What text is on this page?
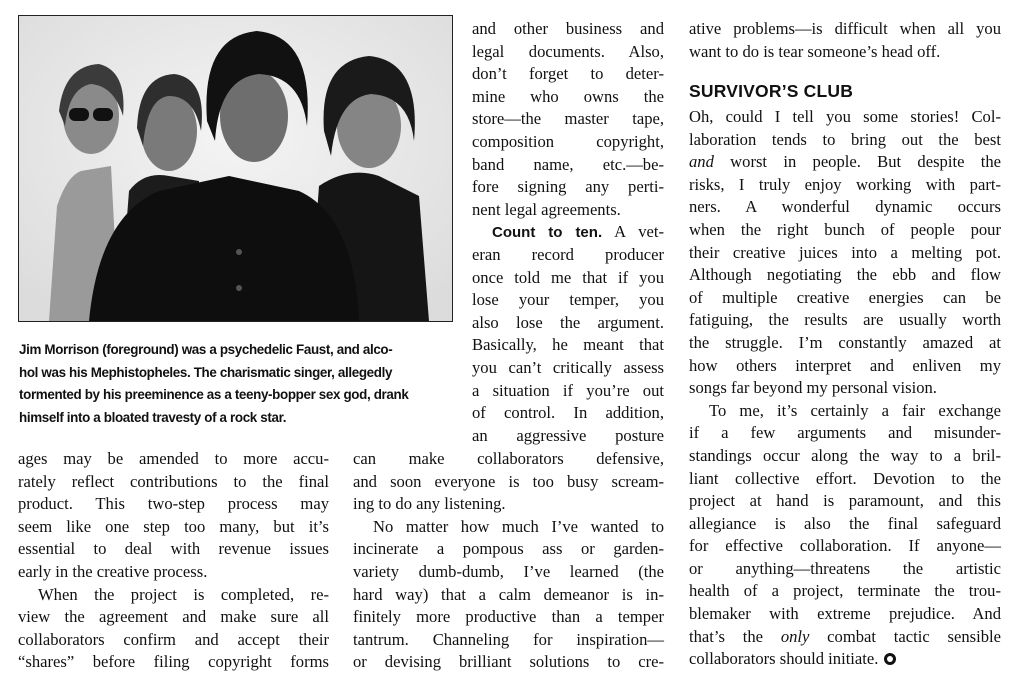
Jim Morrison (foreground) was a psychedelic Faust, and alco-
hol was his Mephistopheles. The charismatic singer, allegedly
tormented by his preeminence as a teeny-bopper sex god, drank
himself into a bloated travesty of a rock star.
ages may be amended to more accu-
rately reflect contributions to the final
product. This two-step process may
seem like one step too many, but it’s
essential to deal with revenue issues
early in the creative process.
When the project is completed, re-
view the agreement and make sure all
collaborators confirm and accept their
“shares” before filing copyright forms
and other business and
legal documents. Also,
don’t forget to deter-
mine who owns the
store—the master tape,
composition copyright,
band name, etc.—be-
fore signing any perti-
nent legal agreements.
Count to ten. A vet-
eran record producer
once told me that if you
lose your temper, you
also lose the argument.
Basically, he meant that
you can’t critically assess
a situation if you’re out
of control. In addition,
an aggressive posture
can make collaborators defensive,
and soon everyone is too busy scream-
ing to do any listening.
No matter how much I’ve wanted to
incinerate a pompous ass or garden-
variety dumb-dumb, I’ve learned (the
hard way) that a calm demeanor is in-
finitely more productive than a temper
tantrum. Channeling for inspiration—
or devising brilliant solutions to cre-
ative problems—is difficult when all you
want to do is tear someone’s head off.
SURVIVOR’S CLUB
Oh, could I tell you some stories! Col-
laboration tends to bring out the best
and worst in people. But despite the
risks, I truly enjoy working with part-
ners. A wonderful dynamic occurs
when the right bunch of people pour
their creative juices into a melting pot.
Although negotiating the ebb and flow
of multiple creative energies can be
fatiguing, the results are usually worth
the struggle. I’m constantly amazed at
how others interpret and enliven my
songs far beyond my personal vision.
To me, it’s certainly a fair exchange
if a few arguments and misunder-
standings occur along the way to a bril-
liant collective effort. Devotion to the
project at hand is paramount, and this
allegiance is also the final safeguard
for effective collaboration. If anyone—
or anything—threatens the artistic
health of a project, terminate the trou-
blemaker with extreme prejudice. And
that’s the only combat tactic sensible
collaborators should initiate.
